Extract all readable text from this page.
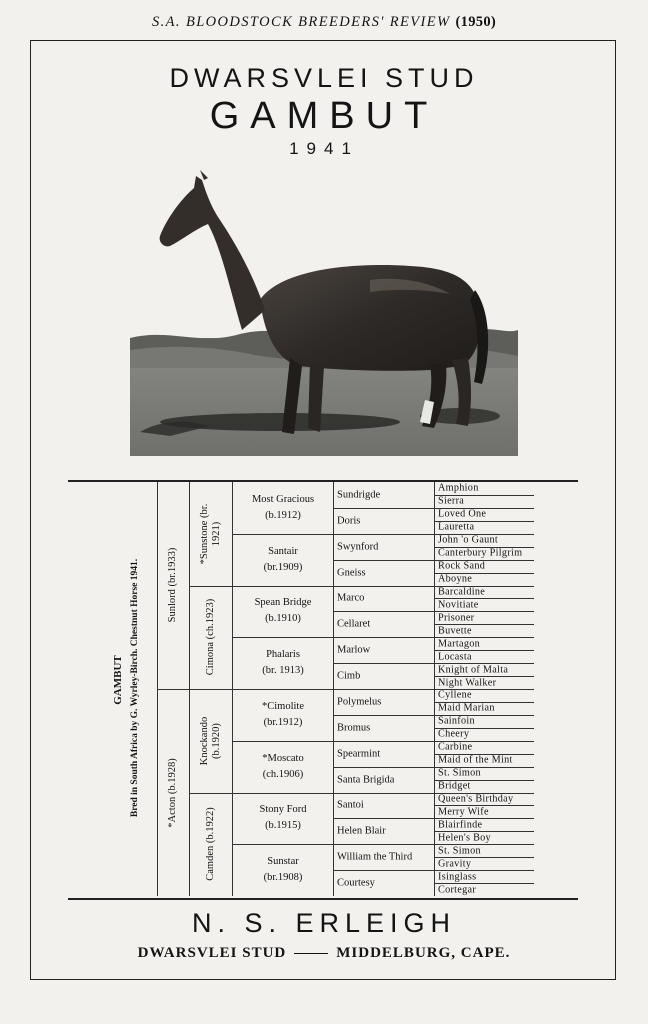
S.A. BLOODSTOCK BREEDERS' REVIEW (1950)
DWARSVLEI STUD
GAMBUT
1941
GAMBUT Bred in South Africa by G. Wyrley-Birch. Chestnut Horse 1941.	Sunlord (br.1933)
*Acton (b.1928)
*Sunstone (br. 1921)
Cimona (ch.1923)
Knockando (b.1920)
Camden (b.1922)
Most Gracious
(b.1912)
Santair
(br.1909)
Spean Bridge
(b.1910)
Phalaris
(br. 1913)
*Cimolite
(br.1912)
*Moscato
(ch.1906)
Stony Ford
(b.1915)
Sunstar
(br.1908)
Sundrigde
Doris
Swynford
Gneiss
Marco
Cellaret
Marlow
Cimb
Polymelus
Bromus
Spearmint
Santa Brigida
Santoi
Helen Blair
William the Third
Courtesy
Amphion
Sierra
Loved One
Lauretta
John 'o Gaunt
Canterbury Pilgrim
Rock Sand
Aboyne
Barcaldine
Novitiate
Prisoner
Buvette
Martagon
Locasta
Knight of Malta
Night Walker
Cyllene
Maid Marian
Sainfoin
Cheery
Carbine
Maid of the Mint
St. Simon
Bridget
Queen's Birthday
Merry Wife
Blairfinde
Helen's Boy
St. Simon
Gravity
Isinglass
Cortegar
N. S. ERLEIGH
DWARSVLEI STUD	MIDDELBURG, CAPE.
